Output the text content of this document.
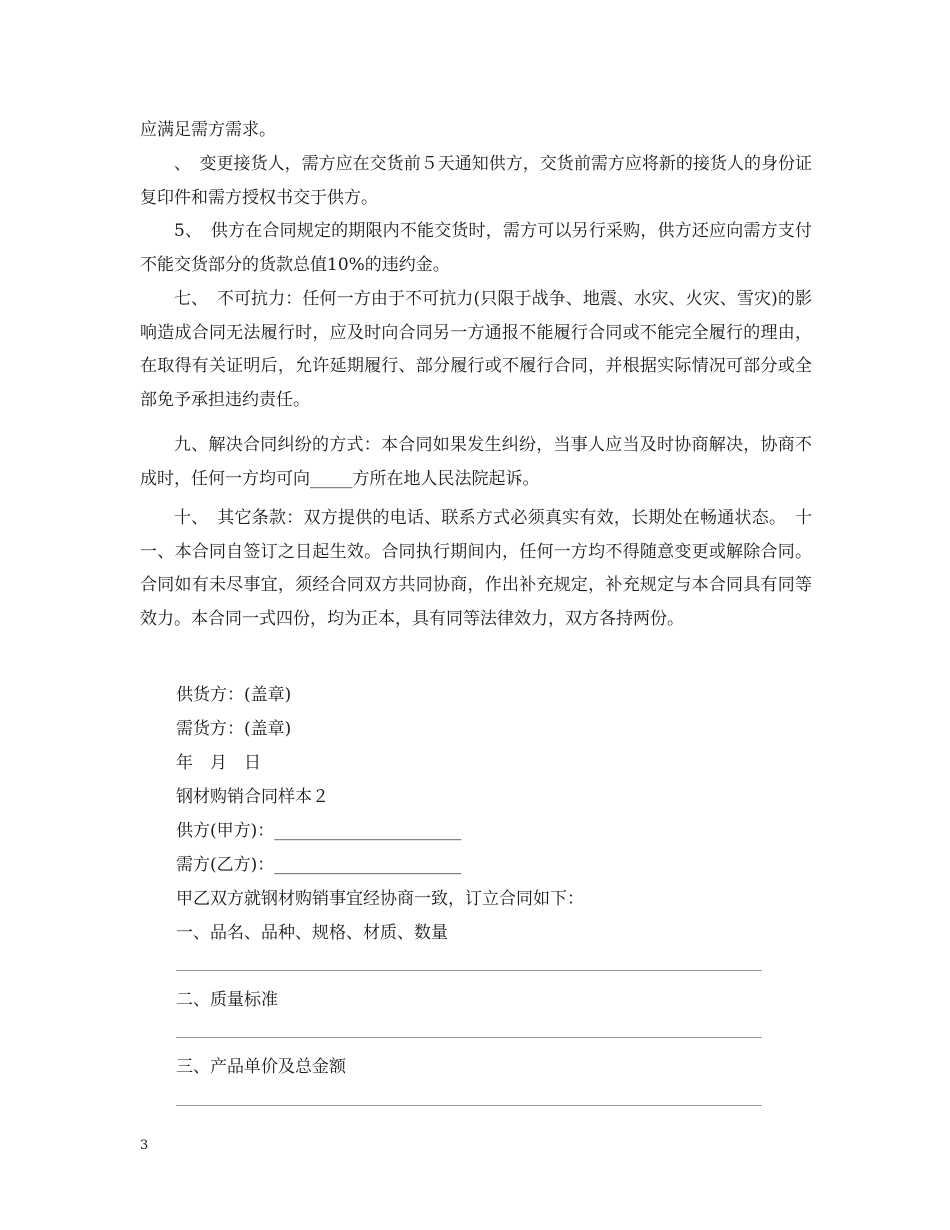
应满足需方需求。

、　变更接货人，需方应在交货前５天通知供方，交货前需方应将新的接货人的身份证复印件和需方授权书交于供方。

5、　供方在合同规定的期限内不能交货时，需方可以另行采购，供方还应向需方支付不能交货部分的货款总值10%的违约金。

七、　不可抗力：任何一方由于不可抗力(只限于战争、地震、水灾、火灾、雪灾)的影响造成合同无法履行时，应及时向合同另一方通报不能履行合同或不能完全履行的理由，在取得有关证明后，允许延期履行、部分履行或不履行合同，并根据实际情况可部分或全部免予承担违约责任。

九、解决合同纠纷的方式：本合同如果发生纠纷，当事人应当及时协商解决，协商不成时，任何一方均可向_____方所在地人民法院起诉。

十、　其它条款：双方提供的电话、联系方式必须真实有效，长期处在畅通状态。　十一、本合同自签订之日起生效。合同执行期间内，任何一方均不得随意变更或解除合同。合同如有未尽事宜，须经合同双方共同协商，作出补充规定，补充规定与本合同具有同等效力。本合同一式四份，均为正本，具有同等法律效力，双方各持两份。

供货方：(盖章)
需货方：(盖章)
年　月　日
钢材购销合同样本２
供方(甲方)：______________________
需方(乙方)：______________________
甲乙双方就钢材购销事宜经协商一致，订立合同如下：
一、品名、品种、规格、材质、数量
二、质量标准
三、产品单价及总金额
3
